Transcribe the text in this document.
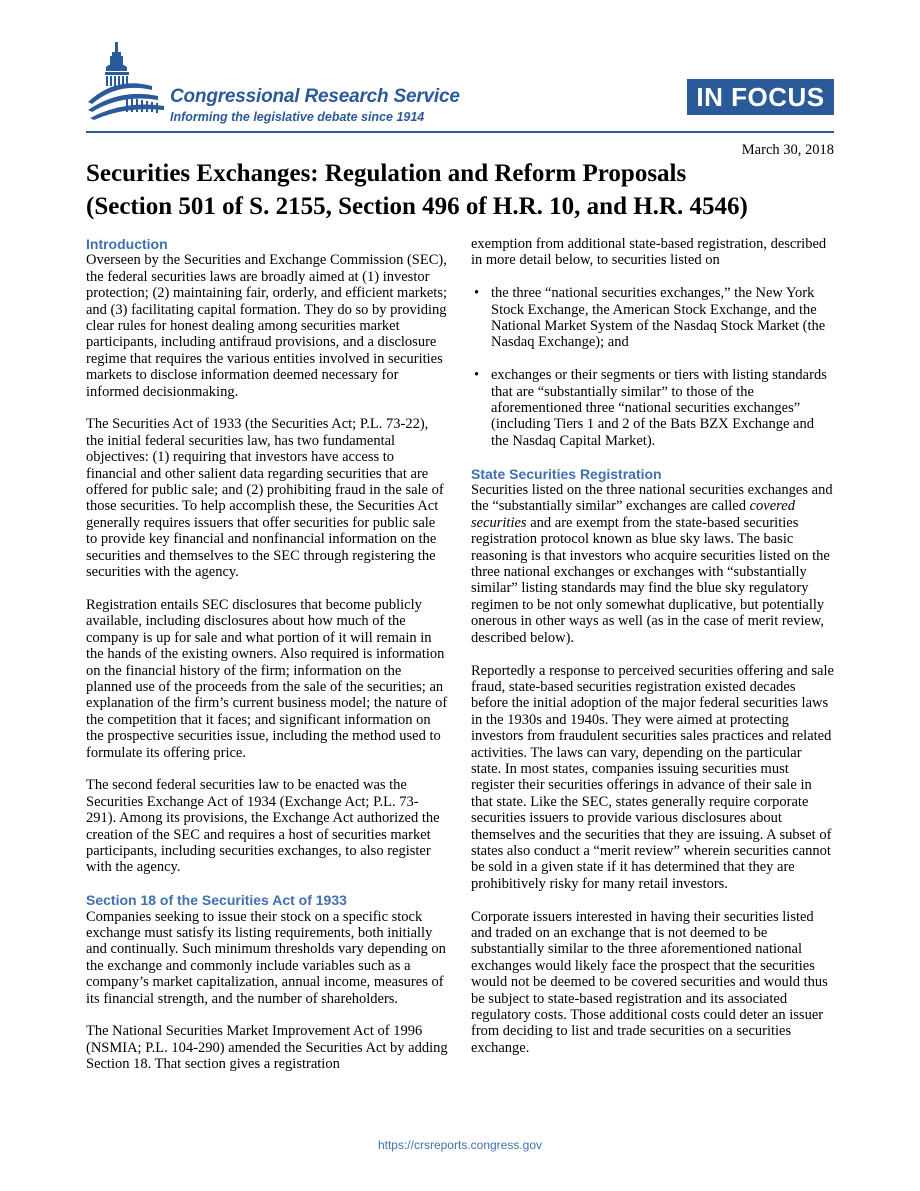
Congressional Research Service
Informing the legislative debate since 1914
IN FOCUS
March 30, 2018
Securities Exchanges: Regulation and Reform Proposals
(Section 501 of S. 2155, Section 496 of H.R. 10, and H.R. 4546)
Introduction

Overseen by the Securities and Exchange Commission (SEC), the federal securities laws are broadly aimed at (1) investor protection; (2) maintaining fair, orderly, and efficient markets; and (3) facilitating capital formation. They do so by providing clear rules for honest dealing among securities market participants, including antifraud provisions, and a disclosure regime that requires the various entities involved in securities markets to disclose information deemed necessary for informed decisionmaking.

The Securities Act of 1933 (the Securities Act; P.L. 73-22), the initial federal securities law, has two fundamental objectives: (1) requiring that investors have access to financial and other salient data regarding securities that are offered for public sale; and (2) prohibiting fraud in the sale of those securities. To help accomplish these, the Securities Act generally requires issuers that offer securities for public sale to provide key financial and nonfinancial information on the securities and themselves to the SEC through registering the securities with the agency.

Registration entails SEC disclosures that become publicly available, including disclosures about how much of the company is up for sale and what portion of it will remain in the hands of the existing owners. Also required is information on the financial history of the firm; information on the planned use of the proceeds from the sale of the securities; an explanation of the firm’s current business model; the nature of the competition that it faces; and significant information on the prospective securities issue, including the method used to formulate its offering price.

The second federal securities law to be enacted was the Securities Exchange Act of 1934 (Exchange Act; P.L. 73-291). Among its provisions, the Exchange Act authorized the creation of the SEC and requires a host of securities market participants, including securities exchanges, to also register with the agency.

Section 18 of the Securities Act of 1933

Companies seeking to issue their stock on a specific stock exchange must satisfy its listing requirements, both initially and continually. Such minimum thresholds vary depending on the exchange and commonly include variables such as a company’s market capitalization, annual income, measures of its financial strength, and the number of shareholders.

The National Securities Market Improvement Act of 1996 (NSMIA; P.L. 104-290) amended the Securities Act by adding Section 18. That section gives a registration

exemption from additional state-based registration, described in more detail below, to securities listed on

• the three “national securities exchanges,” the New York Stock Exchange, the American Stock Exchange, and the National Market System of the Nasdaq Stock Market (the Nasdaq Exchange); and
• exchanges or their segments or tiers with listing standards that are “substantially similar” to those of the aforementioned three “national securities exchanges” (including Tiers 1 and 2 of the Bats BZX Exchange and the Nasdaq Capital Market).
State Securities Registration

Securities listed on the three national securities exchanges and the “substantially similar” exchanges are called covered securities and are exempt from the state-based securities registration protocol known as blue sky laws. The basic reasoning is that investors who acquire securities listed on the three national exchanges or exchanges with “substantially similar” listing standards may find the blue sky regulatory regimen to be not only somewhat duplicative, but potentially onerous in other ways as well (as in the case of merit review, described below).

Reportedly a response to perceived securities offering and sale fraud, state-based securities registration existed decades before the initial adoption of the major federal securities laws in the 1930s and 1940s. They were aimed at protecting investors from fraudulent securities sales practices and related activities. The laws can vary, depending on the particular state. In most states, companies issuing securities must register their securities offerings in advance of their sale in that state. Like the SEC, states generally require corporate securities issuers to provide various disclosures about themselves and the securities that they are issuing. A subset of states also conduct a “merit review” wherein securities cannot be sold in a given state if it has determined that they are prohibitively risky for many retail investors.

Corporate issuers interested in having their securities listed and traded on an exchange that is not deemed to be substantially similar to the three aforementioned national exchanges would likely face the prospect that the securities would not be deemed to be covered securities and would thus be subject to state-based registration and its associated regulatory costs. Those additional costs could deter an issuer from deciding to list and trade securities on a securities exchange.

https://crsreports.congress.gov
